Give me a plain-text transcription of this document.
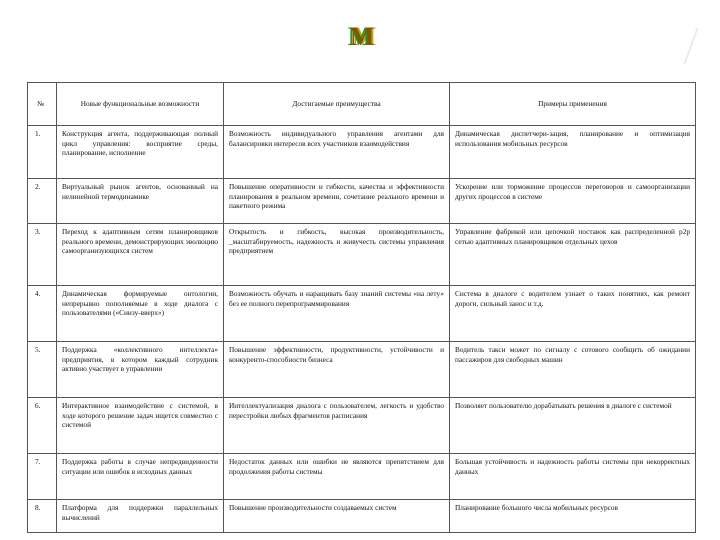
M
№	Новые функциональные возможности	Достигаемые преимущества	Примеры применения
1.	Конструкция агента, поддерживающая полный цикл управления: восприятие среды, планирование, исполнение	Возможность индивидуального управления агентами для балансировки интересов всех участников взаимодействия	Динамическая диспетчери-зация, планирование и оптимизация использования мобильных ресурсов
2.	Виртуальный рынок агентов, основанный на нелинейной термодинамике	Повышение оперативности и гибкости, качества и эффективности планирования в реальном времени, сочетание реального времени и пакетного режима	Ускорение или торможение процессов переговоров и самоорганизации других процессов в системе
3.	Переход к адаптивным сетям планировщиков реального времени, демонстрирующих эволюцию самоорганизующихся систем	Открытость и гибкость, высокая производительность, _масштабируемость, надежность и живучесть системы управления предприятием	Управление фабрикой или цепочкой поставок как распределенной p2p сетью адаптивных планировщиков отдельных цехов
4.	Динамическая формируемые онтологии, непрерывно пополняемые в ходе диалога с пользователями («Снизу-вверх»)	Возможность обучать и наращивать базу знаний системы «на лету» без ее полного перепрограммирования	Система в диалоге с водителем узнает о таких понятиях, как ремонт дороги, сильный занос и т.д.
5.	Поддержка «коллективного интеллекта» предприятия, в котором каждый сотрудник активно участвует в управлении	Повышение эффективности, продуктивности, устойчивости и конкуренто-способности бизнеса	Водитель такси может по сигналу с сотового сообщить об ожидании пассажиров для свободных машин
6.	Интерактивное взаимодействие с системой, в ходе которого решение задач ищется совместно с системой	Интеллектуализация диалога с пользователем, легкость и удобство перестройки любых фрагментов расписания	Позволяет пользователю дорабатывать решения в диалоге с системой
7.	Поддержка работы в случае непредвиденности ситуации или ошибок в исходных данных	Недостаток данных или ошибки не являются препятствием для продолжения работы системы	Большая устойчивость и надежность работы системы при некорректных данных
8.	Платформа для поддержки параллельных вычислений	Повышение производительности создаваемых систем	Планирование большого числа мобильных ресурсов
